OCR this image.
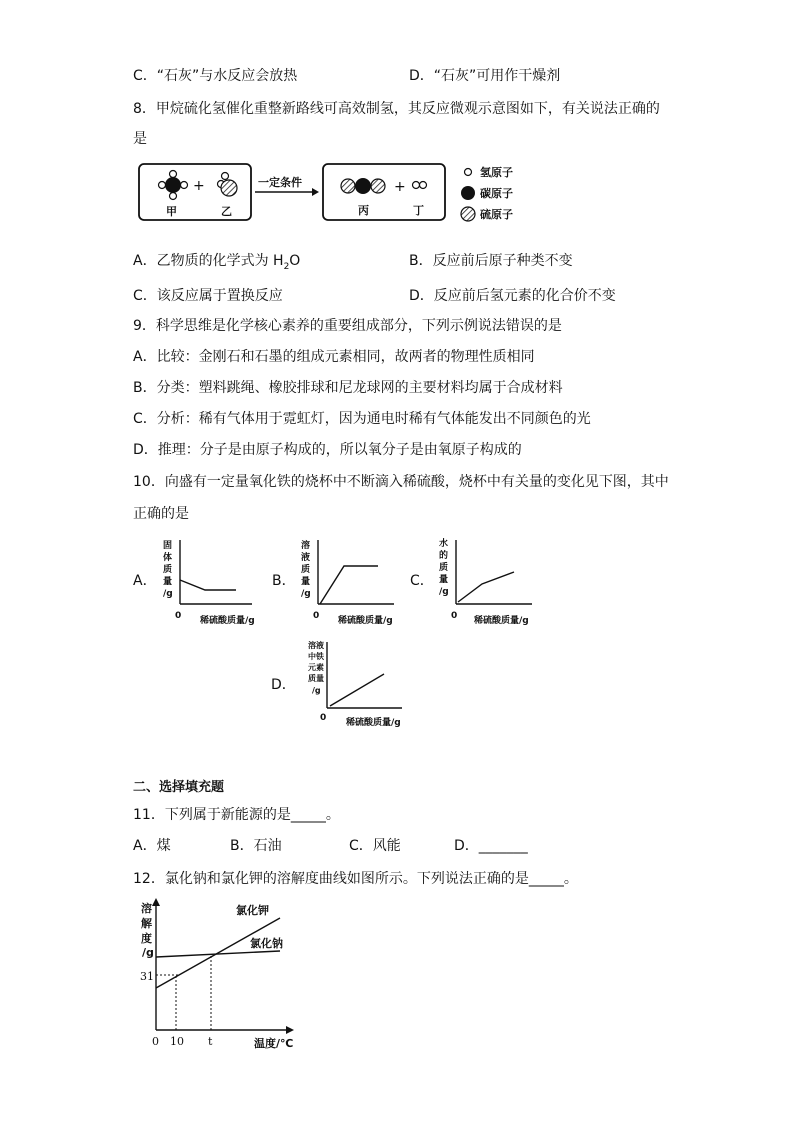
C．“石灰”与水反应会放热	D．“石灰”可用作干燥剂
8．甲烷硫化氢催化重整新路线可高效制氢，其反应微观示意图如下，有关说法正确的
是
+
甲	乙
一定条件	+
丙	丁
氢原子
碳原子
硫原子
A．乙物质的化学式为 $H_2O$	B．反应前后原子种类不变
C．该反应属于置换反应	D．反应前后氢元素的化合价不变
9．科学思维是化学核心素养的重要组成部分，下列示例说法错误的是
A．比较：金刚石和石墨的组成元素相同，故两者的物理性质相同
B．分类：塑料跳绳、橡胶排球和尼龙球网的主要材料均属于合成材料
C．分析：稀有气体用于霓虹灯，因为通电时稀有气体能发出不同颜色的光
D．推理：分子是由原子构成的，所以氧分子是由氧原子构成的
10．向盛有一定量氧化铁的烧杯中不断滴入稀硫酸，烧杯中有关量的变化见下图，其中
正确的是
A．
固
体
质
量
/g
0 稀硫酸质量/g
B．
溶
液
质
量
/g
0 稀硫酸质量/g
C．
水
的
质
量
/g
0 稀硫酸质量/g
D．
溶液
中铁
元素
质量
/g
0 稀硫酸质量/g
二、选择填充题
11．下列属于新能源的是_____。
A．煤	B．石油	C．风能	D．_______
12．氯化钠和氯化钾的溶解度曲线如图所示。下列说法正确的是_____。
溶
解
度
/g
氯化钾
氯化钠
31
0 10 t	温度/℃
